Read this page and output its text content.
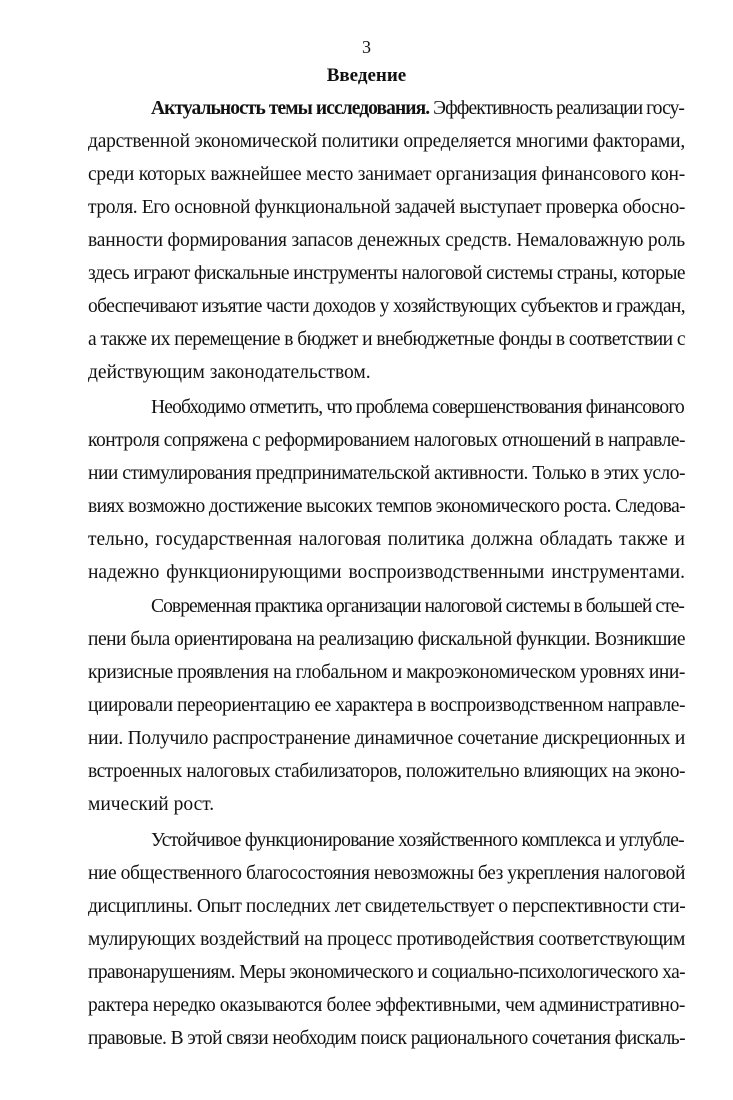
3
Введение
Актуальность темы исследования. Эффективность реализации госу-
дарственной экономической политики определяется многими факторами,
среди которых важнейшее место занимает организация финансового кон-
троля. Его основной функциональной задачей выступает проверка обосно-
ванности формирования запасов денежных средств. Немаловажную роль
здесь играют фискальные инструменты налоговой системы страны, которые
обеспечивают изъятие части доходов у хозяйствующих субъектов и граждан,
а также их перемещение в бюджет и внебюджетные фонды в соответствии с
действующим законодательством.
Необходимо отметить, что проблема совершенствования финансового
контроля сопряжена с реформированием налоговых отношений в направле-
нии стимулирования предпринимательской активности. Только в этих усло-
виях возможно достижение высоких темпов экономического роста. Следова-
тельно, государственная налоговая политика должна обладать также и
надежно функционирующими воспроизводственными инструментами.
Современная практика организации налоговой системы в большей сте-
пени была ориентирована на реализацию фискальной функции. Возникшие
кризисные проявления на глобальном и макроэкономическом уровнях ини-
циировали переориентацию ее характера в воспроизводственном направле-
нии. Получило распространение динамичное сочетание дискреционных и
встроенных налоговых стабилизаторов, положительно влияющих на эконо-
мический рост.
Устойчивое функционирование хозяйственного комплекса и углубле-
ние общественного благосостояния невозможны без укрепления налоговой
дисциплины. Опыт последних лет свидетельствует о перспективности сти-
мулирующих воздействий на процесс противодействия соответствующим
правонарушениям. Меры экономического и социально-психологического ха-
рактера нередко оказываются более эффективными, чем административно-
правовые. В этой связи необходим поиск рационального сочетания фискаль-
